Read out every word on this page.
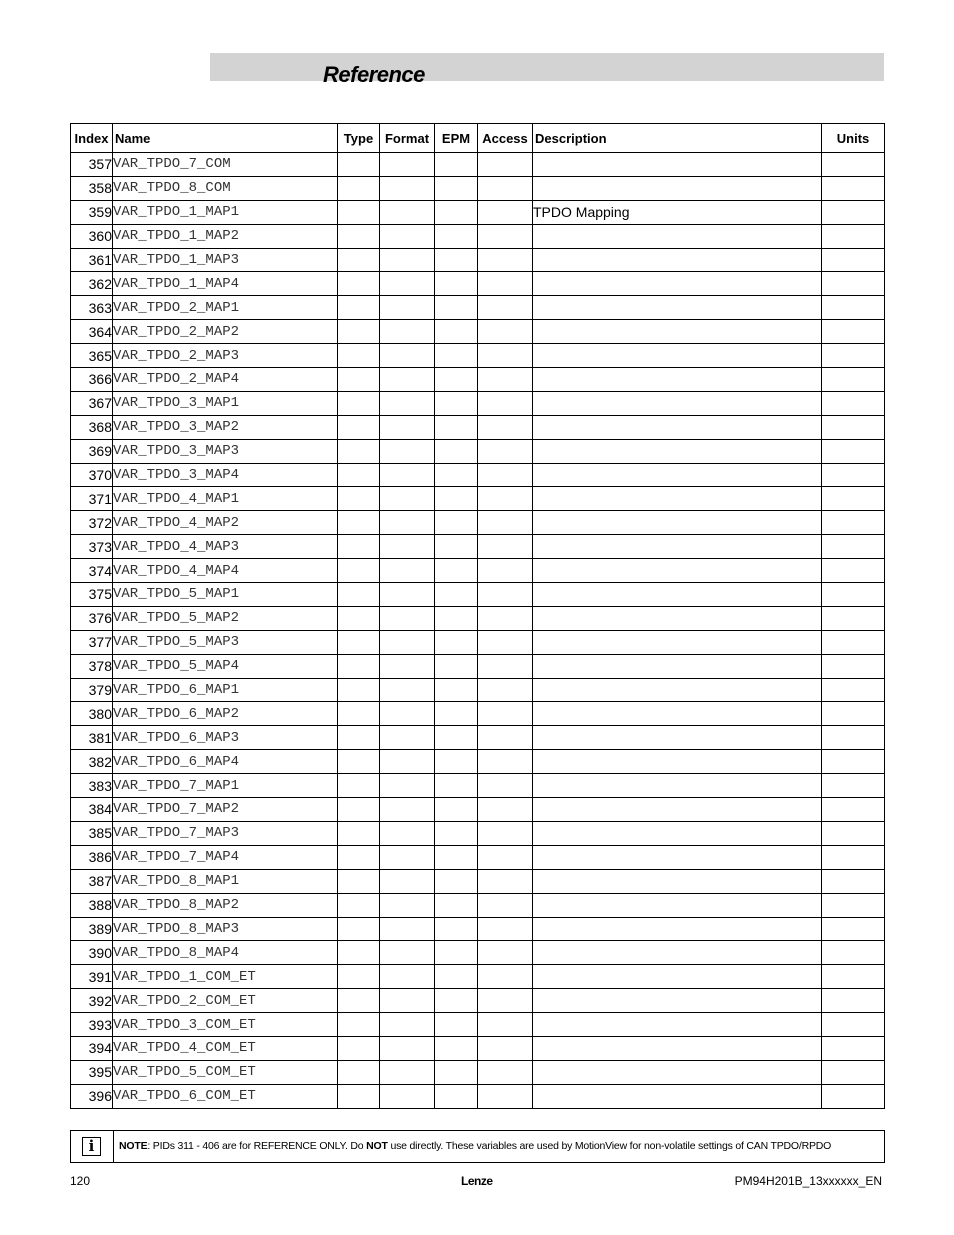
Reference
Index	Name	Type	Format	EPM	Access	Description	Units
357	VAR_TPDO_7_COM						
358	VAR_TPDO_8_COM						
359	VAR_TPDO_1_MAP1					TPDO Mapping	
360	VAR_TPDO_1_MAP2						
361	VAR_TPDO_1_MAP3						
362	VAR_TPDO_1_MAP4						
363	VAR_TPDO_2_MAP1						
364	VAR_TPDO_2_MAP2						
365	VAR_TPDO_2_MAP3						
366	VAR_TPDO_2_MAP4						
367	VAR_TPDO_3_MAP1						
368	VAR_TPDO_3_MAP2						
369	VAR_TPDO_3_MAP3						
370	VAR_TPDO_3_MAP4						
371	VAR_TPDO_4_MAP1						
372	VAR_TPDO_4_MAP2						
373	VAR_TPDO_4_MAP3						
374	VAR_TPDO_4_MAP4						
375	VAR_TPDO_5_MAP1						
376	VAR_TPDO_5_MAP2						
377	VAR_TPDO_5_MAP3						
378	VAR_TPDO_5_MAP4						
379	VAR_TPDO_6_MAP1						
380	VAR_TPDO_6_MAP2						
381	VAR_TPDO_6_MAP3						
382	VAR_TPDO_6_MAP4						
383	VAR_TPDO_7_MAP1						
384	VAR_TPDO_7_MAP2						
385	VAR_TPDO_7_MAP3						
386	VAR_TPDO_7_MAP4						
387	VAR_TPDO_8_MAP1						
388	VAR_TPDO_8_MAP2						
389	VAR_TPDO_8_MAP3						
390	VAR_TPDO_8_MAP4						
391	VAR_TPDO_1_COM_ET						
392	VAR_TPDO_2_COM_ET						
393	VAR_TPDO_3_COM_ET						
394	VAR_TPDO_4_COM_ET						
395	VAR_TPDO_5_COM_ET						
396	VAR_TPDO_6_COM_ET						
i	NOTE: PIDs 311 - 406 are for REFERENCE ONLY. Do NOT use directly. These variables are used by MotionView for non-volatile settings of CAN TPDO/RPDO
120	Lenze	PM94H201B_13xxxxxx_EN
